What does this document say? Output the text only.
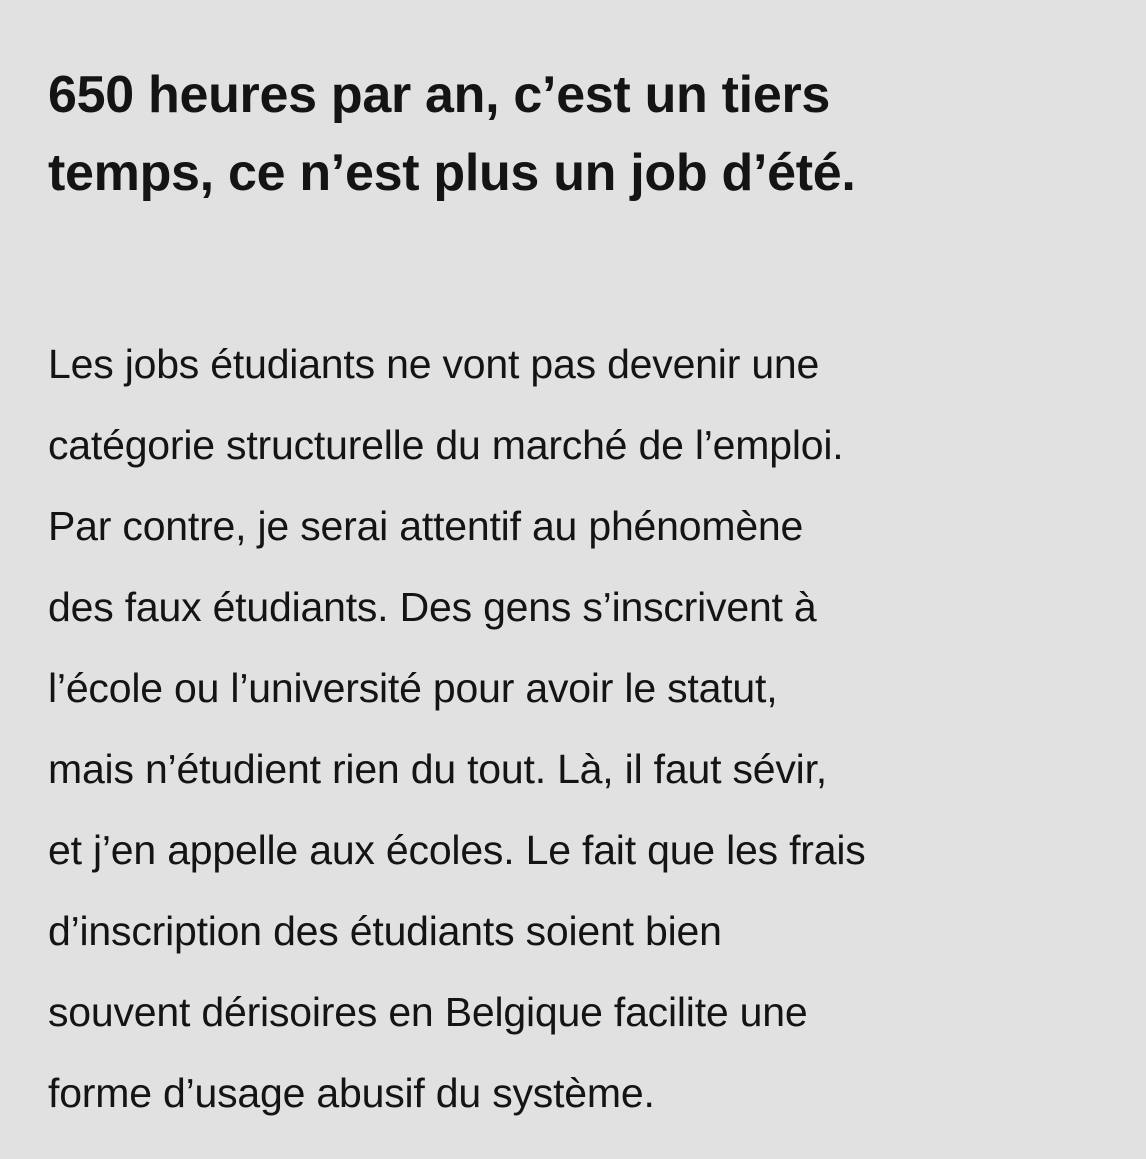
650 heures par an, c’est un tiers
temps, ce n’est plus un job d’été.

Les jobs étudiants ne vont pas devenir une
catégorie structurelle du marché de l’emploi.
Par contre, je serai attentif au phénomène
des faux étudiants. Des gens s’inscrivent à
l’école ou l’université pour avoir le statut,
mais n’étudient rien du tout. Là, il faut sévir,
et j’en appelle aux écoles. Le fait que les frais
d’inscription des étudiants soient bien
souvent dérisoires en Belgique facilite une
forme d’usage abusif du système.
